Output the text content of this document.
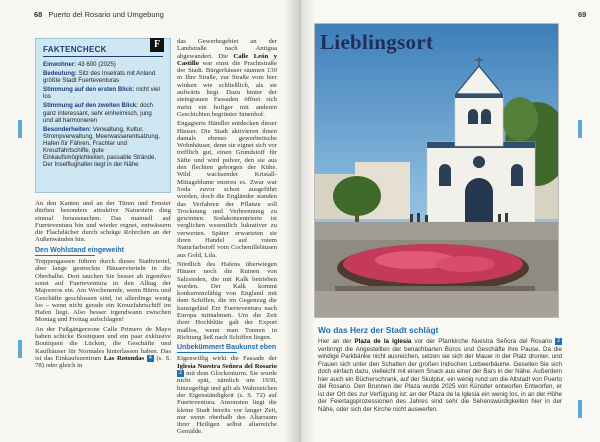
68 Puerto del Rosario und Umgebung
FAKTENCHECK
Einwohner: 43 600 (2025)
Bedeutung: Sitz des Inselrats mit Anland größte Stadt Fuerteventuras
Stimmung auf den ersten Blick: nicht viel los
Stimmung auf den zweiten Blick: doch ganz interessant, sehr einheimisch, jung und alt harmonieren
Besonderheiten: Verwaltung, Kultur, Strompverwaltung, Meerwasserentsalzung, Hafen für Fähren, Frachter und Kreuzfahrtschiffe, gute Einkaufsmöglichkeiten, passable Strände, Der Inselflughafen liegt in der Nähe
F

An den Kanten und an der Türen und Fenster dürften besonders attraktive Naturstein ding einmal herausnachen. Das manuell auf Fuerteventura hin und wieder regnet, entwässern die Flachdächer durch schräge Rohrchen an der Außenwänden hin.

Den Wohlstand eingeweiht

Treppengassen führen durch dieses Stadtviertel, aber lange gestreckte Häuservierteln in die Oberhalbe. Dort tauchen Sie besser ab irgendwo sonst auf Fuerteventura in den Alltag der Majoreros ein. Am Wochenende, wenn Büros und Geschäfte geschlossen sind, ist allerdings wenig los – wenn nicht gerade ein Kreuzfahrtschiff im Hafen liegt. Also besser irgendwann zwischen Montag und Freitag aufschlagen!

An der Fußgängerzone Calle Primero de Mayo haben schicke Boutiquen und ein paar exklusive Boutiquen die Lücken, die Geschäfte und Kaufhäuser für Normales hinterlassen haben. Das ist das Einkaufszentrum Las Rotondas 4 (s. S. 78) oder gleich in

das Gewerbegebiet an der Landstraße nach Antigua abgewandert. Die Calle León y Castillo war einst die Prachtstraße der Stadt. Bürgerhäuser säumen 130 m Ihre Straße, zur Straße vom hier winken wie schließlich, als sie aufwärts liegt. Dazu hinter der steingrauen Fassaden öffnet sich meist ein hofiger mit anderen Geschichten begrünter Innenhof.

Engagierte Händler entdecken dieser Häuser. Die Stadt aktivieren ihnen damals ebenso gewerbetische Wohnhäuser, denn sie eignet sich vor trefflich gut, einen Grundstoff für Säfte und wird pulver, den sie aus den flechten geborgen der Kühe. Wild wachsender Kristall-Mittagsblume enstreu es. Zwar war Soda zuvor schon ausgeführt worden, doch die Engländer standen das Verfahren der Pflanze soll Trocknung und Verbrennung zu gewinnen. Sodakonzentrierte ist verglichen wesentlich lukrativer zu verwerten. Später erwarteten sie ihren Handel auf rotem Naturfarbstoff vom Cochenilleläusen aus Gold, Lila.

Nördlich des Hafens überwiegen Häuser noch die Ruinen von Salzsieden, die mit Kalk betrieben wurden. Der Kalk kommt konkurrenzfähig von England mit dem Schiffen, die im Gegenzug die kunstgeläuf Erz Fuerteventura nach Europa mitnahmen. Um die Zeit ihrer Hochblüte galt der Export maßlos, wenn man Tonnen in Richtung ließ nach Schiffen liegen.

Unbekümmert Baukunst eben

Eigenwillig wirkt die Fassade der Iglesia Nuestra Señora del Rosario 2 mit dem Glockenturm. Sie wurde nicht spät, nämlich um 1930, hinzugefügt und gilt als Wahrzeichen der Eigenständigkeit (s. S. 72) auf Fuerteventura. Ansonsten liegt die kleine Stadt bereits vor langer Zeit, nur wenn oberhalb des Altarraum ihrer Heiligen selbst altarreiche Gemälde.

69
Lieblingsort
Wo das Herz der Stadt schlägt
Hier an der Plaza de la Iglesia vor der Pfarrkirche Nuestra Señora del Rosario 2 verbringt die Angestellten der benachbarten Büros und Geschäfte ihre Pause. Da die windige Parkbänke nicht ausreichen, setzen sie sich der Mauer in der Platz drunter, und Frauen sich unter den Schatten der großen Indischen Lorbeerbäume. Gesellen Sie sich doch einfach dazu, vielleicht mit einem Snack aus einer der Bars in der Nähe. Außerdem hier auch ein Bücherschrank, auf der Skulptur, ein wenig rund um die Altstadt von Puerto del Rosario. Den Brunnen der Plaza wurde 2025 von Künstler entworfen Entworfen, er ist der Ort des zur Verfügung ist: an der Plaza de la Iglesia ein wenig los, in an der Höhe der Feiertagsprozessionen des Jahres sind sehr die Sehenswürdigkeiten hier in der Nähe, oder sich der Kirche nicht auswerfen.
